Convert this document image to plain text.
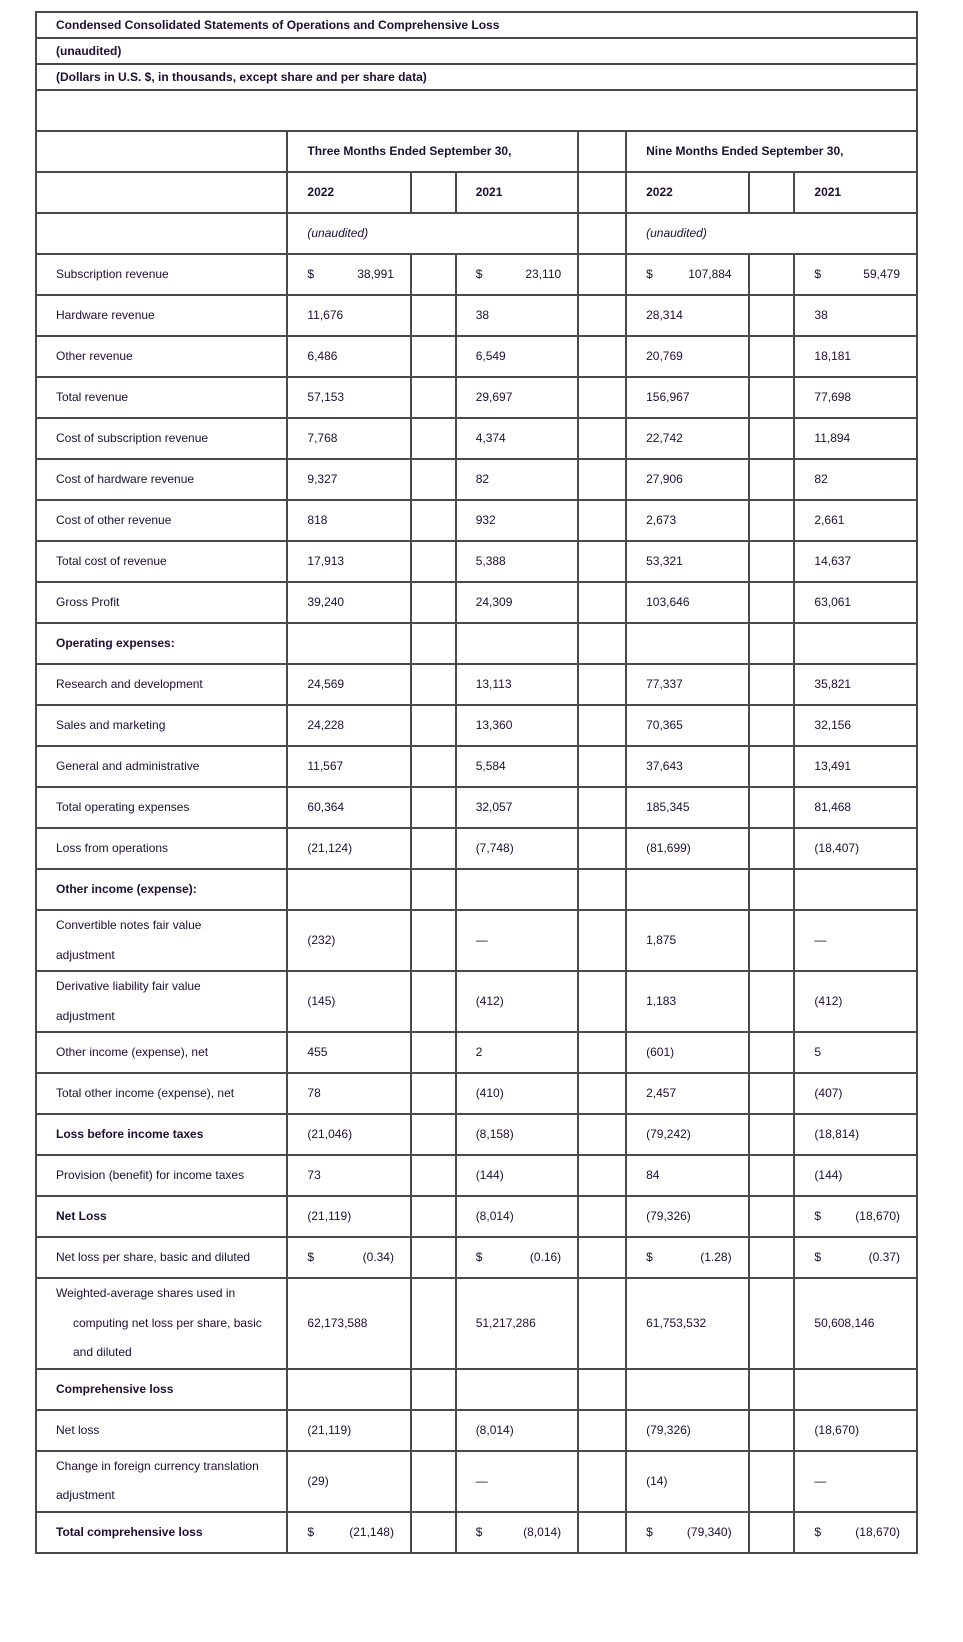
Condensed Consolidated Statements of Operations and Comprehensive Loss							
(unaudited)							
(Dollars in U.S. $, in thousands, except share and per share data)							

	Three Months Ended September 30,				Nine Months Ended September 30,		
	2022		2021		2022		2021
	(unaudited)				(unaudited)		
Subscription revenue	$ 38,991		$ 23,110		$ 107,884		$ 59,479

Hardware revenue	11,676		38		28,314		38
Other revenue	6,486		6,549		20,769		18,181
Total revenue	57,153		29,697		156,967		77,698
Cost of subscription revenue	7,768		4,374		22,742		11,894
Cost of hardware revenue	9,327		82		27,906		82
Cost of other revenue	818		932		2,673		2,661
Total cost of revenue	17,913		5,388		53,321		14,637
Gross Profit	39,240		24,309		103,646		63,061
Operating expenses:							
Research and development	24,569		13,113		77,337		35,821
Sales and marketing	24,228		13,360		70,365		32,156
General and administrative	11,567		5,584		37,643		13,491
Total operating expenses	60,364		32,057		185,345		81,468
Loss from operations	(21,124)		(7,748)		(81,699)		(18,407)
Other income (expense):							

Convertible notes fair value
adjustment	(232)		—		1,875		—

Derivative liability fair value
adjustment	(145)		(412)		1,183		(412)
Other income (expense), net	455		2		(601)		5
Total other income (expense), net	78		(410)		2,457		(407)
Loss before income taxes	(21,046)		(8,158)		(79,242)		(18,814)
Provision (benefit) for income taxes	73		(144)		84		(144)
Net Loss	(21,119)		(8,014)		(79,326)		$ (18,670)

Net loss per share, basic and diluted	$ (0.34)		$ (0.16)		$ (1.28)		$ (0.37)

Weighted-average shares used in
computing net loss per share, basic
and diluted	62,173,588		51,217,286		61,753,532		50,608,146
Comprehensive loss							
Net loss	(21,119)		(8,014)		(79,326)		(18,670)

Change in foreign currency translation
adjustment	(29)		—		(14)		—
Total comprehensive loss	$ (21,148)		$ (8,014)		$ (79,340)		$ (18,670)
